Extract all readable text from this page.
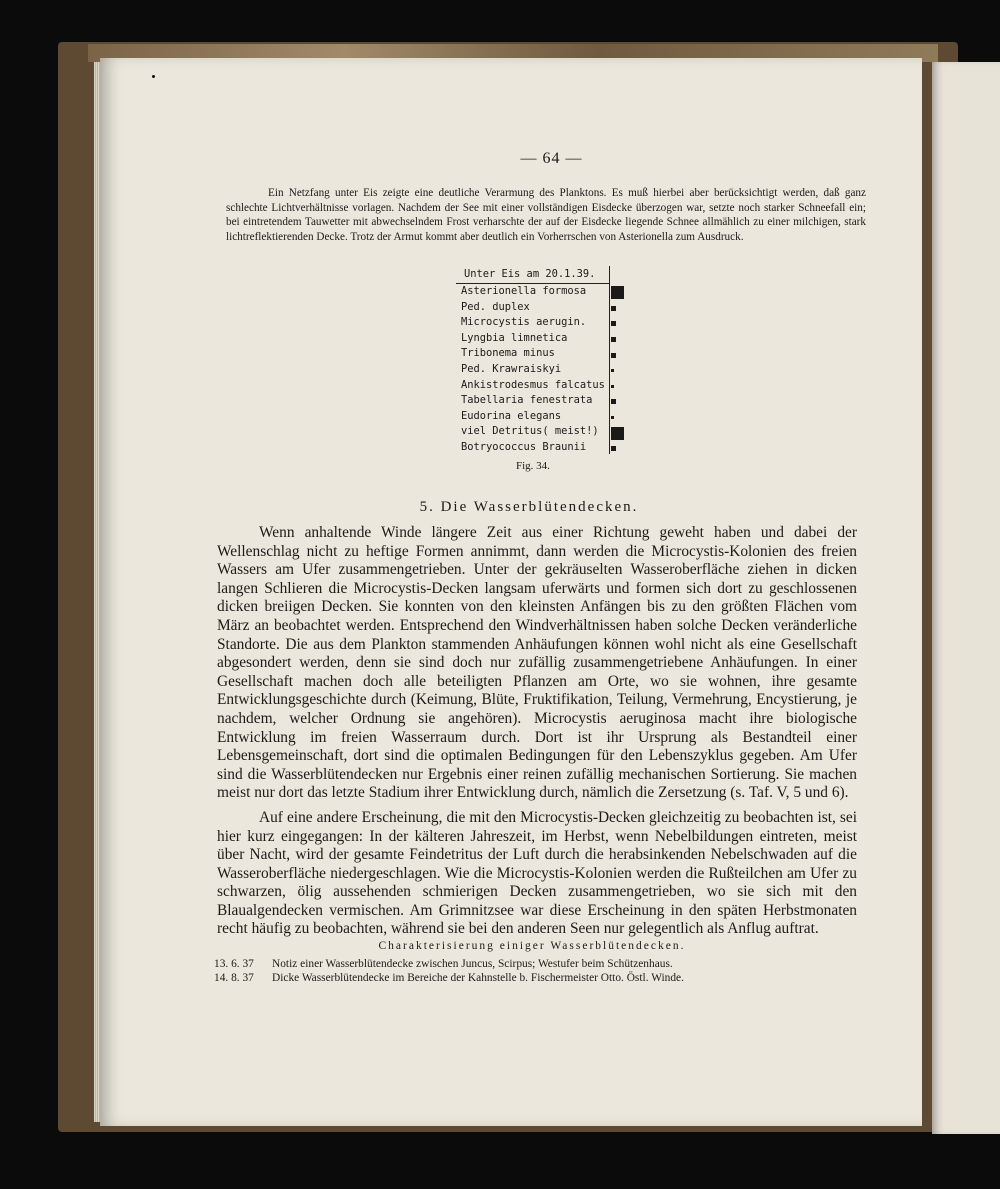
— 64 —

Ein Netzfang unter Eis zeigte eine deutliche Verarmung des Planktons. Es muß hierbei aber berücksichtigt werden, daß ganz schlechte Lichtverhältnisse vorlagen. Nachdem der See mit einer vollständigen Eisdecke überzogen war, setzte noch starker Schneefall ein; bei eintretendem Tauwetter mit abwechselndem Frost verharschte der auf der Eisdecke liegende Schnee allmählich zu einer milchigen, stark lichtreflektierenden Decke. Trotz der Armut kommt aber deutlich ein Vorherrschen von Asterionella zum Ausdruck.

Unter Eis am 20.1.39.
Asterionella formosa
Ped. duplex
Microcystis aerugin.
Lyngbia limnetica
Tribonema minus
Ped. Krawraiskyi
Ankistrodesmus falcatus
Tabellaria fenestrata
Eudorina elegans
viel Detritus( meist!)
Botryococcus Braunii
Fig. 34.
5. Die Wasserblütendecken.

Wenn anhaltende Winde längere Zeit aus einer Richtung geweht haben und dabei der Wellenschlag nicht zu heftige Formen annimmt, dann werden die Microcystis-Kolonien des freien Wassers am Ufer zusammengetrieben. Unter der gekräuselten Wasseroberfläche ziehen in dicken langen Schlieren die Microcystis-Decken langsam uferwärts und formen sich dort zu geschlossenen dicken breiigen Decken. Sie konnten von den kleinsten Anfängen bis zu den größten Flächen vom März an beobachtet werden. Entsprechend den Windverhältnissen haben solche Decken veränderliche Standorte. Die aus dem Plankton stammenden Anhäufungen können wohl nicht als eine Gesellschaft abgesondert werden, denn sie sind doch nur zufällig zusammengetriebene Anhäufungen. In einer Gesellschaft machen doch alle beteiligten Pflanzen am Orte, wo sie wohnen, ihre gesamte Entwicklungsgeschichte durch (Keimung, Blüte, Fruktifikation, Teilung, Vermehrung, Encystierung, je nachdem, welcher Ordnung sie angehören). Microcystis aeruginosa macht ihre biologische Entwicklung im freien Wasserraum durch. Dort ist ihr Ursprung als Bestandteil einer Lebensgemeinschaft, dort sind die optimalen Bedingungen für den Lebenszyklus gegeben. Am Ufer sind die Wasserblütendecken nur Ergebnis einer reinen zufällig mechanischen Sortierung. Sie machen meist nur dort das letzte Stadium ihrer Entwicklung durch, nämlich die Zersetzung (s. Taf. V, 5 und 6).

Auf eine andere Erscheinung, die mit den Microcystis-Decken gleichzeitig zu beobachten ist, sei hier kurz eingegangen: In der kälteren Jahreszeit, im Herbst, wenn Nebelbildungen eintreten, meist über Nacht, wird der gesamte Feindetritus der Luft durch die herabsinkenden Nebelschwaden auf die Wasseroberfläche niedergeschlagen. Wie die Microcystis-Kolonien werden die Rußteilchen am Ufer zu schwarzen, ölig aussehenden schmierigen Decken zusammengetrieben, wo sie sich mit den Blaualgendecken vermischen. Am Grimnitzsee war diese Erscheinung in den späten Herbstmonaten recht häufig zu beobachten, während sie bei den anderen Seen nur gelegentlich als Anflug auftrat.

Charakterisierung einiger Wasserblütendecken.
13. 6. 37	Notiz einer Wasserblütendecke zwischen Juncus, Scirpus; Westufer beim Schützenhaus.
14. 8. 37	Dicke Wasserblütendecke im Bereiche der Kahnstelle b. Fischermeister Otto. Östl. Winde.
